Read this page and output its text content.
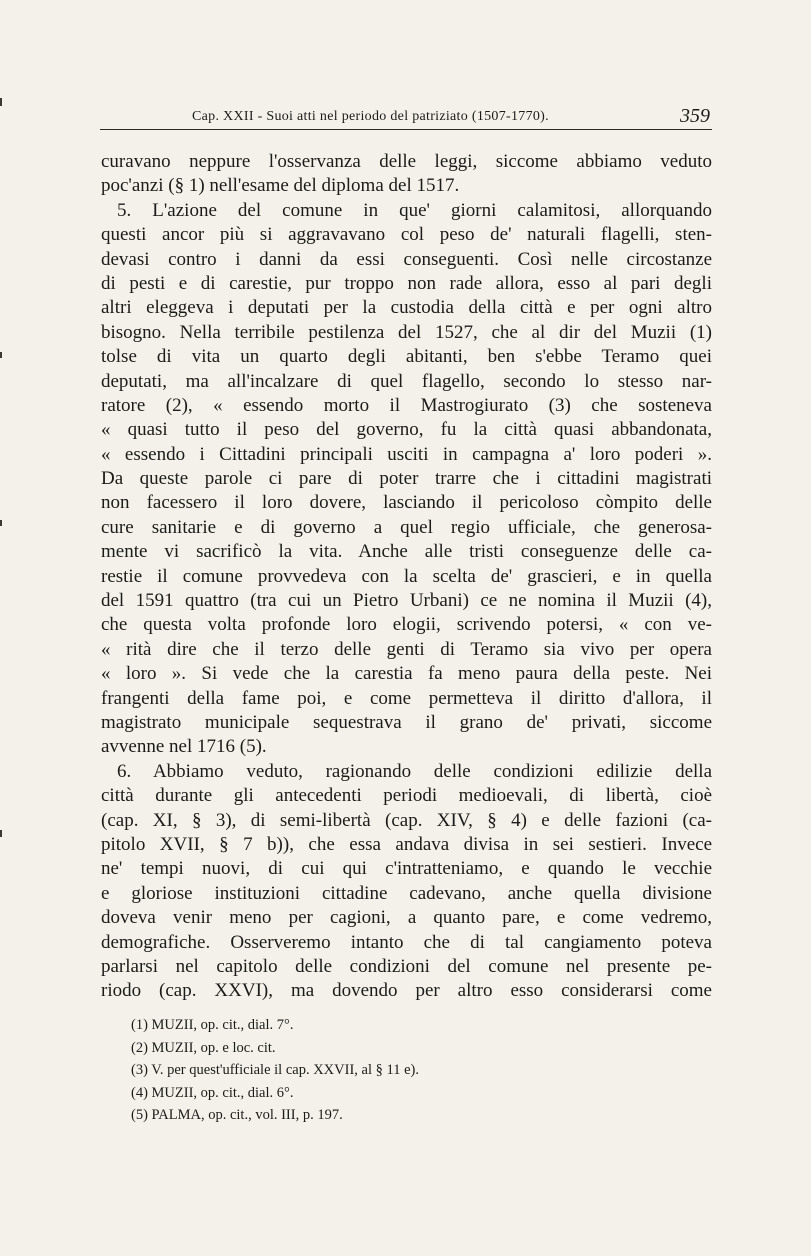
Cap. XXII - Suoi atti nel periodo del patriziato (1507-1770).	359
curavano neppure l'osservanza delle leggi, siccome abbiamo veduto
poc'anzi (§ 1) nell'esame del diploma del 1517.
5. L'azione del comune in que' giorni calamitosi, allorquando
questi ancor più si aggravavano col peso de' naturali flagelli, sten-
devasi contro i danni da essi conseguenti. Così nelle circostanze
di pesti e di carestie, pur troppo non rade allora, esso al pari degli
altri eleggeva i deputati per la custodia della città e per ogni altro
bisogno. Nella terribile pestilenza del 1527, che al dir del Muzii (1)
tolse di vita un quarto degli abitanti, ben s'ebbe Teramo quei
deputati, ma all'incalzare di quel flagello, secondo lo stesso nar-
ratore (2), « essendo morto il Mastrogiurato (3) che sosteneva
« quasi tutto il peso del governo, fu la città quasi abbandonata,
« essendo i Cittadini principali usciti in campagna a' loro poderi ».
Da queste parole ci pare di poter trarre che i cittadini magistrati
non facessero il loro dovere, lasciando il pericoloso còmpito delle
cure sanitarie e di governo a quel regio ufficiale, che generosa-
mente vi sacrificò la vita. Anche alle tristi conseguenze delle ca-
restie il comune provvedeva con la scelta de' grascieri, e in quella
del 1591 quattro (tra cui un Pietro Urbani) ce ne nomina il Muzii (4),
che questa volta profonde loro elogii, scrivendo potersi, « con ve-
« rità dire che il terzo delle genti di Teramo sia vivo per opera
« loro ». Si vede che la carestia fa meno paura della peste. Nei
frangenti della fame poi, e come permetteva il diritto d'allora, il
magistrato municipale sequestrava il grano de' privati, siccome
avvenne nel 1716 (5).
6. Abbiamo veduto, ragionando delle condizioni edilizie della
città durante gli antecedenti periodi medioevali, di libertà, cioè
(cap. XI, § 3), di semi-libertà (cap. XIV, § 4) e delle fazioni (ca-
pitolo XVII, § 7 b)), che essa andava divisa in sei sestieri. Invece
ne' tempi nuovi, di cui qui c'intratteniamo, e quando le vecchie
e gloriose instituzioni cittadine cadevano, anche quella divisione
doveva venir meno per cagioni, a quanto pare, e come vedremo,
demografiche. Osserveremo intanto che di tal cangiamento poteva
parlarsi nel capitolo delle condizioni del comune nel presente pe-
riodo (cap. XXVI), ma dovendo per altro esso considerarsi come
(1) MUZII, op. cit., dial. 7°.
(2) MUZII, op. e loc. cit.
(3) V. per quest'ufficiale il cap. XXVII, al § 11 e).
(4) MUZII, op. cit., dial. 6°.
(5) PALMA, op. cit., vol. III, p. 197.
